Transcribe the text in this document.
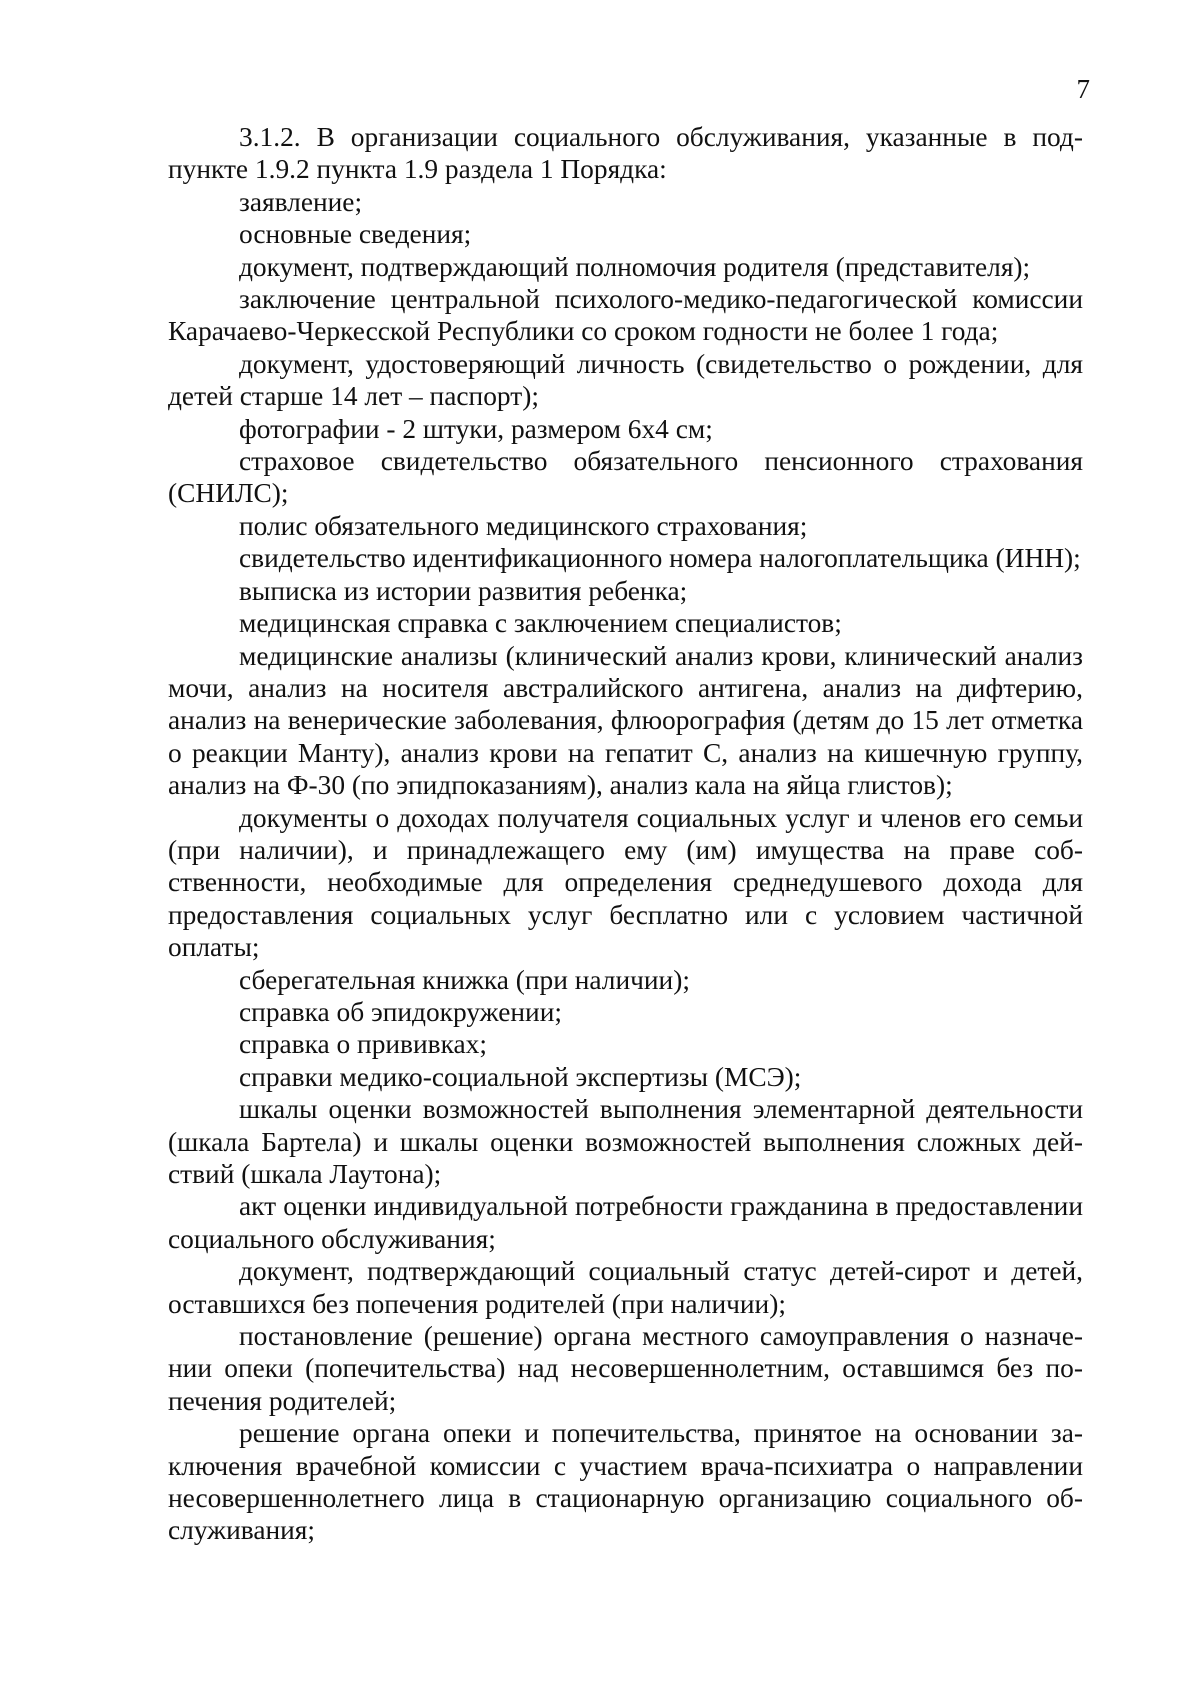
7

3.1.2. В организации социального обслуживания, указанные в подпункте 1.9.2 пункта 1.9 раздела 1 Порядка:

заявление;

основные сведения;

документ, подтверждающий полномочия родителя (представителя);

заключение центральной психолого-медико-педагогической комиссии Карачаево-Черкесской Республики со сроком годности не более 1 года;

документ, удостоверяющий личность (свидетельство о рождении, для детей старше 14 лет – паспорт);

фотографии - 2 штуки, размером 6х4 см;

страховое свидетельство обязательного пенсионного страхования (СНИЛС);

полис обязательного медицинского страхования;

свидетельство идентификационного номера налогоплательщика (ИНН);

выписка из истории развития ребенка;

медицинская справка с заключением специалистов;

медицинские анализы (клинический анализ крови, клинический анализ мочи, анализ на носителя австралийского антигена, анализ на дифтерию, анализ на венерические заболевания, флюорография (детям до 15 лет отметка о реакции Манту), анализ крови на гепатит С, анализ на кишечную группу, анализ на Ф-30 (по эпидпоказаниям), анализ кала на яйца глистов);

документы о доходах получателя социальных услуг и членов его семьи (при наличии), и принадлежащего ему (им) имущества на праве собственности, необходимые для определения среднедушевого дохода для предоставления социальных услуг бесплатно или с условием частичной оплаты;

сберегательная книжка (при наличии);

справка об эпидокружении;

справка о прививках;

справки медико-социальной экспертизы (МСЭ);

шкалы оценки возможностей выполнения элементарной деятельности (шкала Бартела) и шкалы оценки возможностей выполнения сложных действий (шкала Лаутона);

акт оценки индивидуальной потребности гражданина в предоставлении социального обслуживания;

документ, подтверждающий социальный статус детей-сирот и детей, оставшихся без попечения родителей (при наличии);

постановление (решение) органа местного самоуправления о назначении опеки (попечительства) над несовершеннолетним, оставшимся без попечения родителей;

решение органа опеки и попечительства, принятое на основании заключения врачебной комиссии с участием врача-психиатра о направлении несовершеннолетнего лица в стационарную организацию социального обслуживания;
